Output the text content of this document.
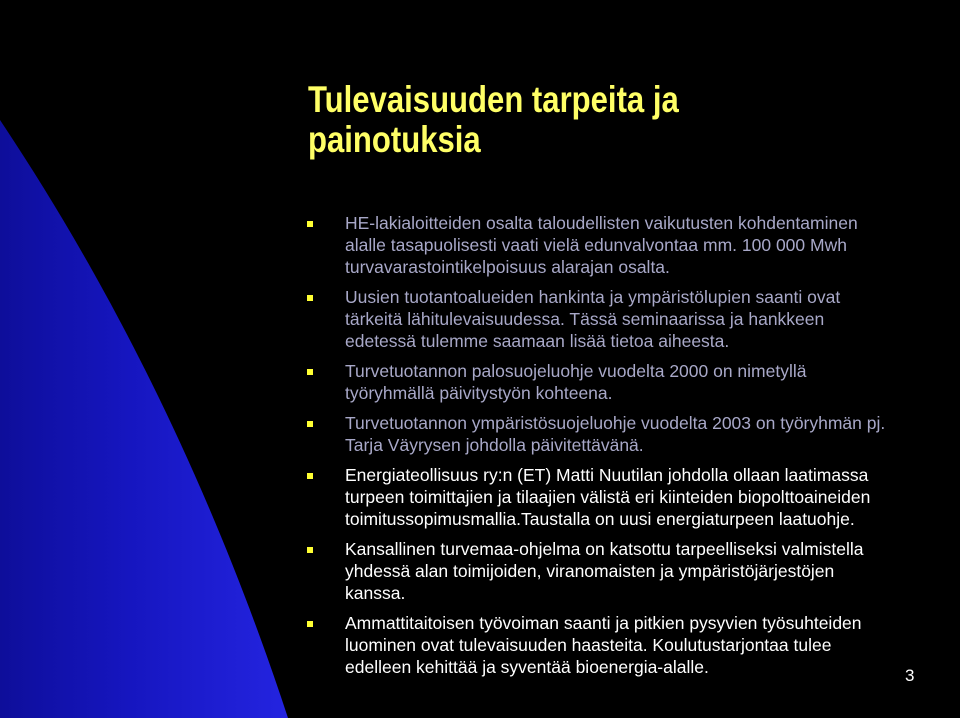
Tulevaisuuden tarpeita ja
painotuksia
HE-lakialoitteiden osalta taloudellisten vaikutusten kohdentaminen
alalle tasapuolisesti vaati vielä edunvalvontaa mm. 100 000 Mwh
turvavarastointikelpoisuus alarajan osalta.
Uusien tuotantoalueiden hankinta ja ympäristölupien saanti ovat
tärkeitä lähitulevaisuudessa. Tässä seminaarissa ja hankkeen
edetessä tulemme saamaan lisää tietoa aiheesta.
Turvetuotannon palosuojeluohje vuodelta 2000 on nimetyllä
työryhmällä päivitystyön kohteena.
Turvetuotannon ympäristösuojeluohje vuodelta 2003 on työryhmän pj.
Tarja Väyrysen johdolla päivitettävänä.
Energiateollisuus ry:n (ET) Matti Nuutilan johdolla ollaan laatimassa
turpeen toimittajien ja tilaajien välistä eri kiinteiden biopolttoaineiden
toimitussopimusmallia.Taustalla on uusi energiaturpeen laatuohje.
Kansallinen turvemaa-ohjelma on katsottu tarpeelliseksi valmistella
yhdessä alan toimijoiden, viranomaisten ja ympäristöjärjestöjen
kanssa.
Ammattitaitoisen työvoiman saanti ja pitkien pysyvien työsuhteiden
luominen ovat tulevaisuuden haasteita. Koulutustarjontaa tulee
edelleen kehittää ja syventää bioenergia-alalle.	3
